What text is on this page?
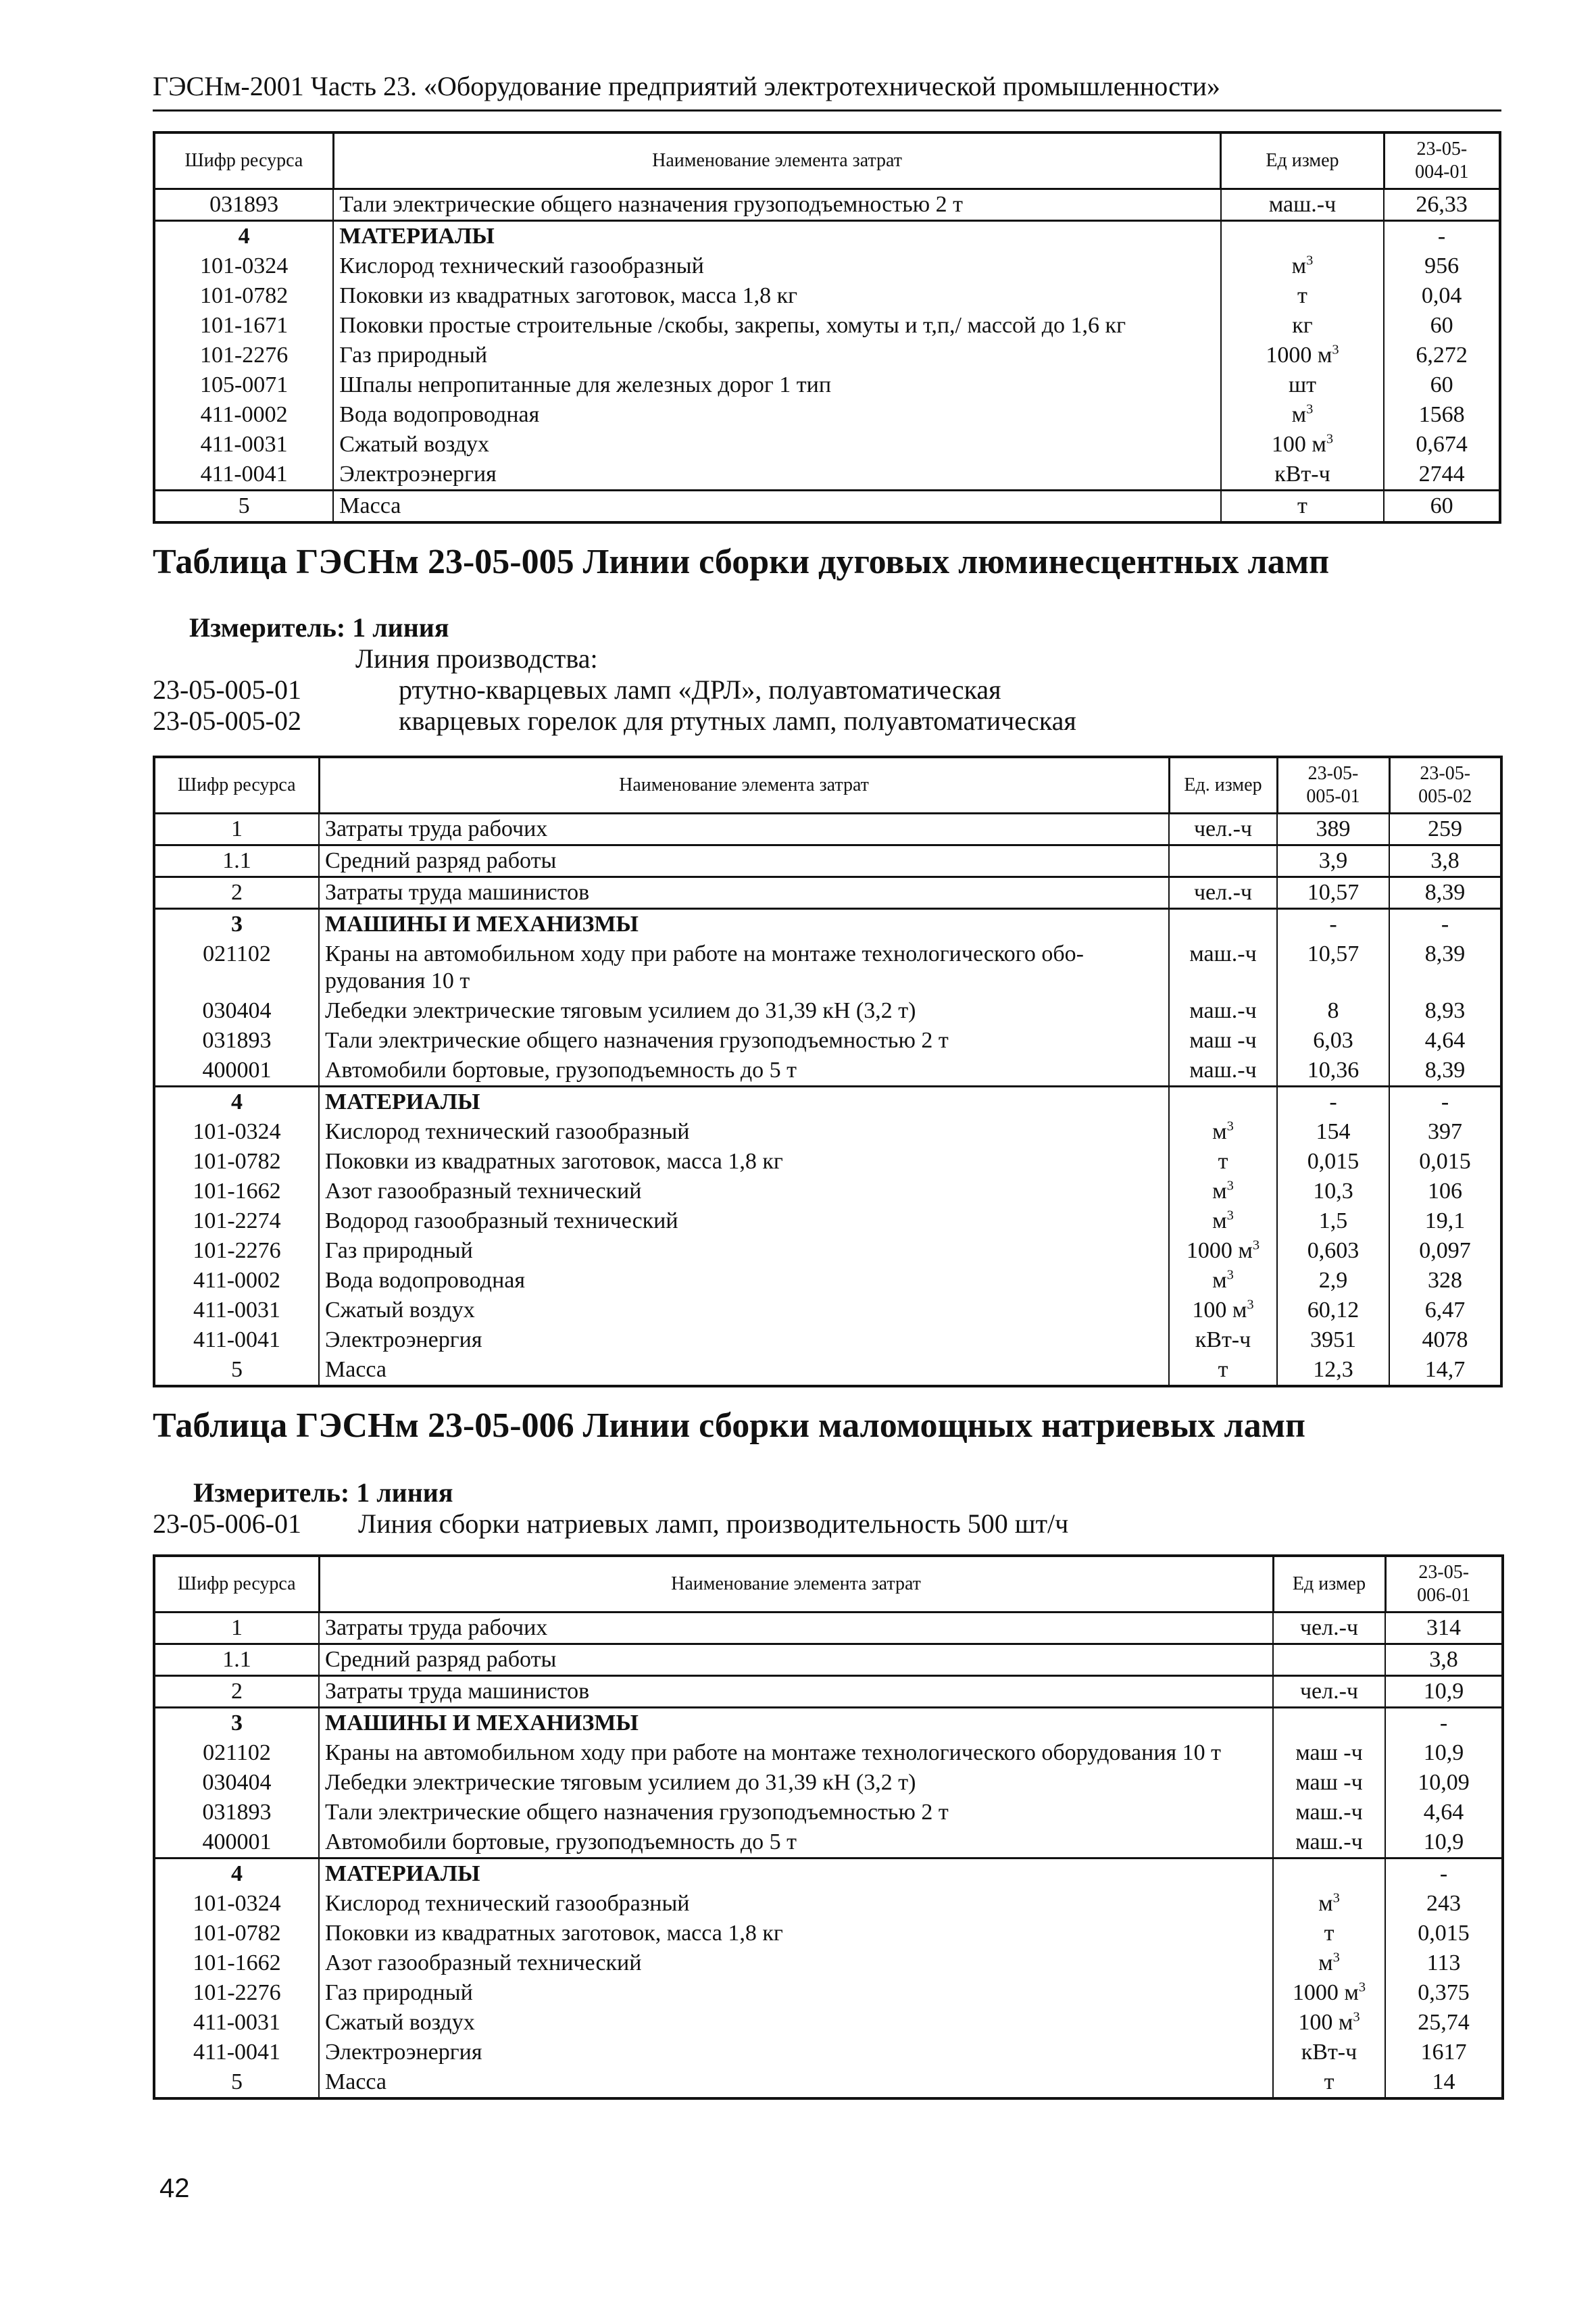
ГЭСНм-2001 Часть 23. «Оборудование предприятий электротехнической промышленности»
Шифр ресурса	Наименование элемента затрат	Ед измер	23-05-
004-01
031893	Тали электрические общего назначения грузоподъемностью 2 т	маш.-ч	26,33
4	МАТЕРИАЛЫ		-
101-0324	Кислород технический газообразный	$м^3$	956
101-0782	Поковки из квадратных заготовок, масса 1,8 кг	т	0,04
101-1671	Поковки простые строительные /скобы, закрепы, хомуты и т,п,/ массой до 1,6 кг	кг	60
101-2276	Газ природный	1000 $м^3$	6,272
105-0071	Шпалы непропитанные для железных дорог 1 тип	шт	60
411-0002	Вода водопроводная	$м^3$	1568
411-0031	Сжатый воздух	100 $м^3$	0,674
411-0041	Электроэнергия	кВт-ч	2744
5	Масса	т	60
Таблица ГЭСНм 23-05-005 Линии сборки дуговых люминесцентных ламп
Измеритель: 1 линия
Линия производства:
23-05-005-01	ртутно-кварцевых ламп «ДРЛ», полуавтоматическая
23-05-005-02	кварцевых горелок для ртутных ламп, полуавтоматическая
Шифр ресурса	Наименование элемента затрат	Ед. измер	23-05-
005-01	23-05-
005-02
1	Затраты труда рабочих	чел.-ч	389	259
1.1	Средний разряд работы		3,9	3,8
2	Затраты труда машинистов	чел.-ч	10,57	8,39
3	МАШИНЫ И МЕХАНИЗМЫ		-	-
021102	Краны на автомобильном ходу при работе на монтаже технологического обо-рудования 10 т	маш.-ч	10,57	8,39
030404	Лебедки электрические тяговым усилием до 31,39 кН (3,2 т)	маш.-ч	8	8,93
031893	Тали электрические общего назначения грузоподъемностью 2 т	маш -ч	6,03	4,64
400001	Автомобили бортовые, грузоподъемность до 5 т	маш.-ч	10,36	8,39
4	МАТЕРИАЛЫ		-	-
101-0324	Кислород технический газообразный	$м^3$	154	397
101-0782	Поковки из квадратных заготовок, масса 1,8 кг	т	0,015	0,015
101-1662	Азот газообразный технический	$м^3$	10,3	106
101-2274	Водород газообразный технический	$м^3$	1,5	19,1
101-2276	Газ природный	1000 $м^3$	0,603	0,097
411-0002	Вода водопроводная	$м^3$	2,9	328
411-0031	Сжатый воздух	100 $м^3$	60,12	6,47
411-0041	Электроэнергия	кВт-ч	3951	4078
5	Масса	т	12,3	14,7
Таблица ГЭСНм 23-05-006 Линии сборки маломощных натриевых ламп
Измеритель: 1 линия
23-05-006-01 Линия сборки натриевых ламп, производительность 500 шт/ч
Шифр ресурса	Наименование элемента затрат	Ед измер	23-05-
006-01
1	Затраты труда рабочих	чел.-ч	314
1.1	Средний разряд работы		3,8
2	Затраты труда машинистов	чел.-ч	10,9
3	МАШИНЫ И МЕХАНИЗМЫ		-
021102	Краны на автомобильном ходу при работе на монтаже технологического оборудования 10 т	маш -ч	10,9
030404	Лебедки электрические тяговым усилием до 31,39 кН (3,2 т)	маш -ч	10,09
031893	Тали электрические общего назначения грузоподъемностью 2 т	маш.-ч	4,64
400001	Автомобили бортовые, грузоподъемность до 5 т	маш.-ч	10,9
4	МАТЕРИАЛЫ		-
101-0324	Кислород технический газообразный	$м^3$	243
101-0782	Поковки из квадратных заготовок, масса 1,8 кг	т	0,015
101-1662	Азот газообразный технический	$м^3$	113
101-2276	Газ природный	1000 $м^3$	0,375
411-0031	Сжатый воздух	100 $м^3$	25,74
411-0041	Электроэнергия	кВт-ч	1617
5	Масса	т	14
42
